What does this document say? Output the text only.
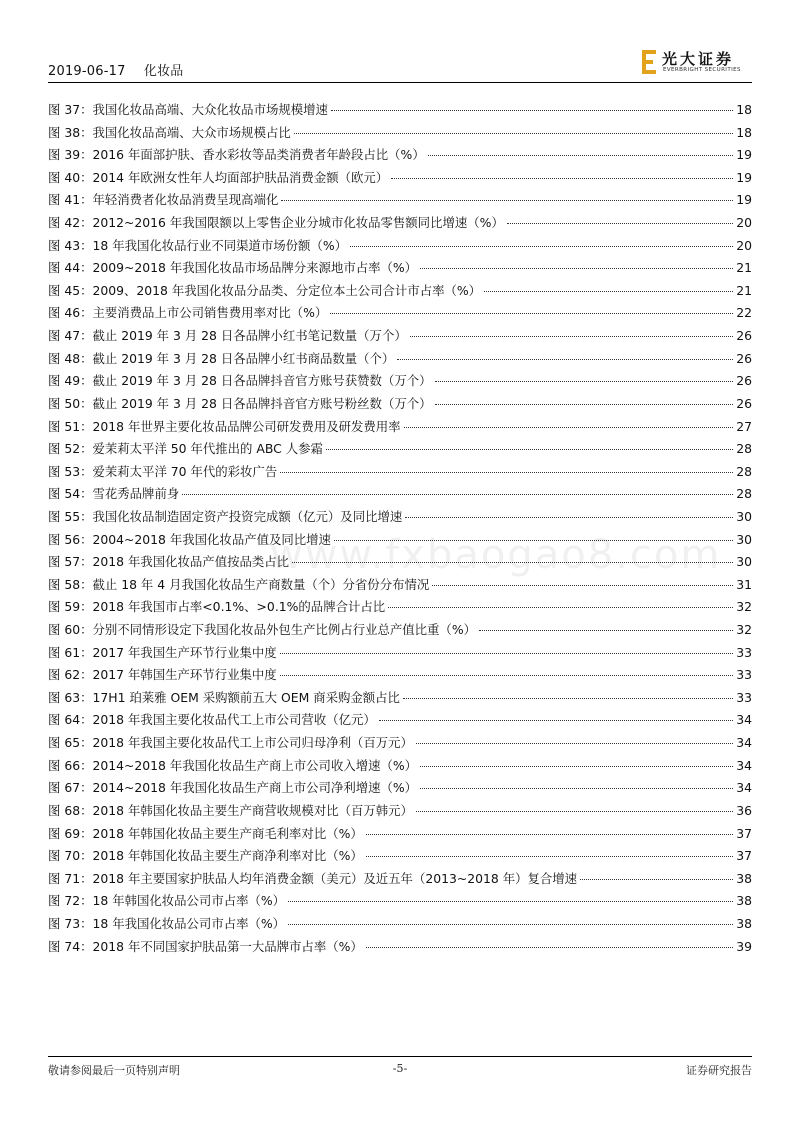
2019-06-17 化妆品
光大证券
EVERBRIGHT SECURITIES
www.fxbaogao8.com
图 37：我国化妆品高端、大众化妆品市场规模增速	18
图 38：我国化妆品高端、大众市场规模占比	18
图 39：2016 年面部护肤、香水彩妆等品类消费者年龄段占比（%）	19
图 40：2014 年欧洲女性年人均面部护肤品消费金额（欧元）	19
图 41：年轻消费者化妆品消费呈现高端化	19
图 42：2012~2016 年我国限额以上零售企业分城市化妆品零售额同比增速（%）	20
图 43：18 年我国化妆品行业不同渠道市场份额（%）	20
图 44：2009~2018 年我国化妆品市场品牌分来源地市占率（%）	21
图 45：2009、2018 年我国化妆品分品类、分定位本土公司合计市占率（%）	21
图 46：主要消费品上市公司销售费用率对比（%）	22
图 47：截止 2019 年 3 月 28 日各品牌小红书笔记数量（万个）	26
图 48：截止 2019 年 3 月 28 日各品牌小红书商品数量（个）	26
图 49：截止 2019 年 3 月 28 日各品牌抖音官方账号获赞数（万个）	26
图 50：截止 2019 年 3 月 28 日各品牌抖音官方账号粉丝数（万个）	26
图 51：2018 年世界主要化妆品品牌公司研发费用及研发费用率	27
图 52：爱茉莉太平洋 50 年代推出的 ABC 人参霜	28
图 53：爱茉莉太平洋 70 年代的彩妆广告	28
图 54：雪花秀品牌前身	28
图 55：我国化妆品制造固定资产投资完成额（亿元）及同比增速	30
图 56：2004~2018 年我国化妆品产值及同比增速	30
图 57：2018 年我国化妆品产值按品类占比	30
图 58：截止 18 年 4 月我国化妆品生产商数量（个）分省份分布情况	31
图 59：2018 年我国市占率<0.1%、>0.1%的品牌合计占比	32
图 60：分别不同情形设定下我国化妆品外包生产比例占行业总产值比重（%）	32
图 61：2017 年我国生产环节行业集中度	33
图 62：2017 年韩国生产环节行业集中度	33
图 63：17H1 珀莱雅 OEM 采购额前五大 OEM 商采购金额占比	33
图 64：2018 年我国主要化妆品代工上市公司营收（亿元）	34
图 65：2018 年我国主要化妆品代工上市公司归母净利（百万元）	34
图 66：2014~2018 年我国化妆品生产商上市公司收入增速（%）	34
图 67：2014~2018 年我国化妆品生产商上市公司净利增速（%）	34
图 68：2018 年韩国化妆品主要生产商营收规模对比（百万韩元）	36
图 69：2018 年韩国化妆品主要生产商毛利率对比（%）	37
图 70：2018 年韩国化妆品主要生产商净利率对比（%）	37
图 71：2018 年主要国家护肤品人均年消费金额（美元）及近五年（2013~2018 年）复合增速	38
图 72：18 年韩国化妆品公司市占率（%）	38
图 73：18 年我国化妆品公司市占率（%）	38
图 74：2018 年不同国家护肤品第一大品牌市占率（%）	39
敬请参阅最后一页特别声明	-5-	证券研究报告
